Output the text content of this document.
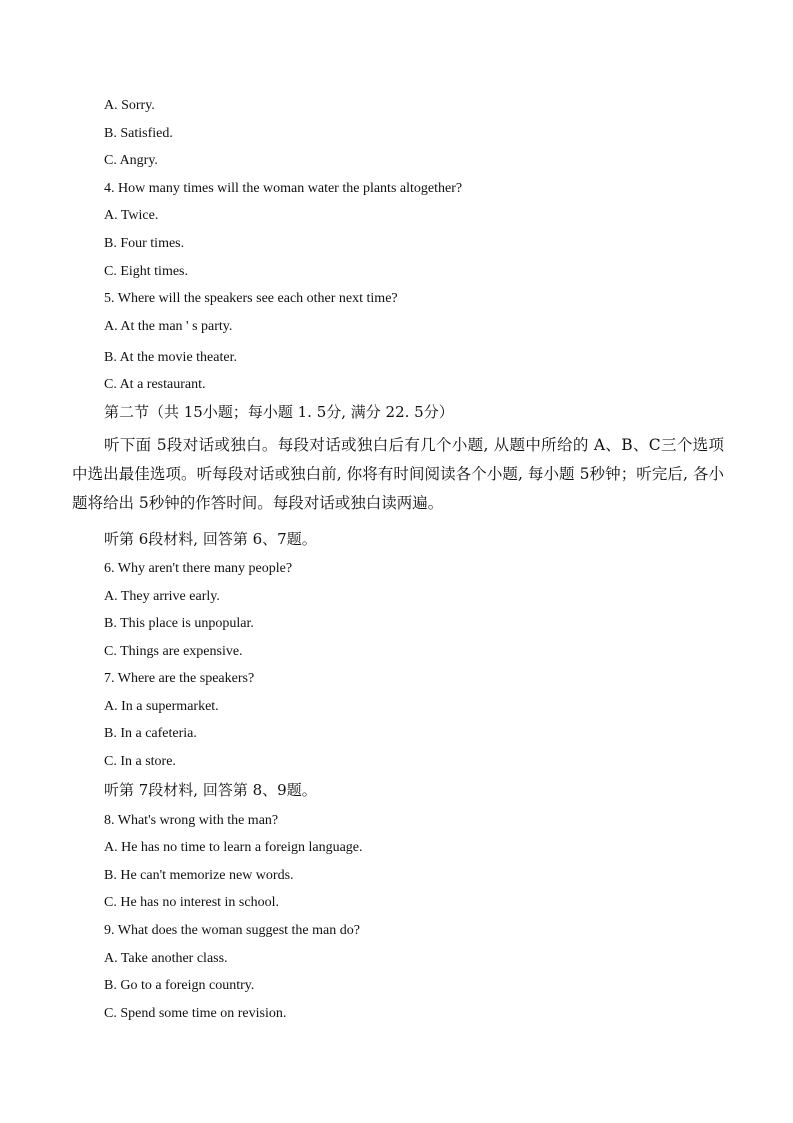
A. Sorry.
B. Satisfied.
C. Angry.
4. How many times will the woman water the plants altogether?
A. Twice.
B. Four times.
C. Eight times.
5. Where will the speakers see each other next time?
A. At the man ' s party.
B. At the movie theater.
C. At a restaurant.
第二节（共 15小题；每小题 1. 5分, 满分 22. 5分）
听下面 5段对话或独白。每段对话或独白后有几个小题, 从题中所给的 A、B、C三个选项中选出最佳选项。听每段对话或独白前, 你将有时间阅读各个小题, 每小题 5秒钟；听完后, 各小题将给出 5秒钟的作答时间。每段对话或独白读两遍。
听第 6段材料, 回答第 6、7题。
6. Why aren't there many people?
A. They arrive early.
B. This place is unpopular.
C. Things are expensive.
7. Where are the speakers?
A. In a supermarket.
B. In a cafeteria.
C. In a store.
听第 7段材料, 回答第 8、9题。
8. What's wrong with the man?
A. He has no time to learn a foreign language.
B. He can't memorize new words.
C. He has no interest in school.
9. What does the woman suggest the man do?
A. Take another class.
B. Go to a foreign country.
C. Spend some time on revision.
